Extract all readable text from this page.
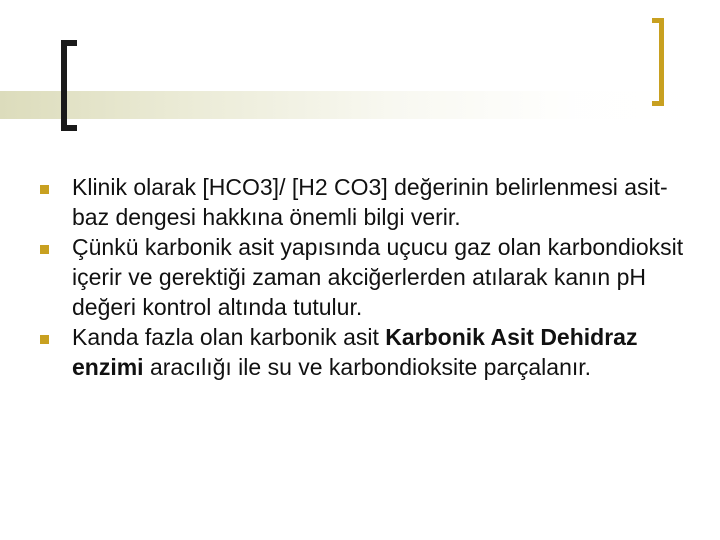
Klinik olarak [HCO3]/ [H2 CO3] değerinin belirlenmesi asit-baz dengesi hakkına önemli bilgi verir.
Çünkü karbonik asit yapısında uçucu gaz olan karbondioksit içerir ve gerektiği zaman akciğerlerden atılarak kanın pH değeri kontrol altında tutulur.
Kanda fazla olan karbonik asit Karbonik Asit Dehidraz enzimi aracılığı ile su ve karbondioksite parçalanır.
